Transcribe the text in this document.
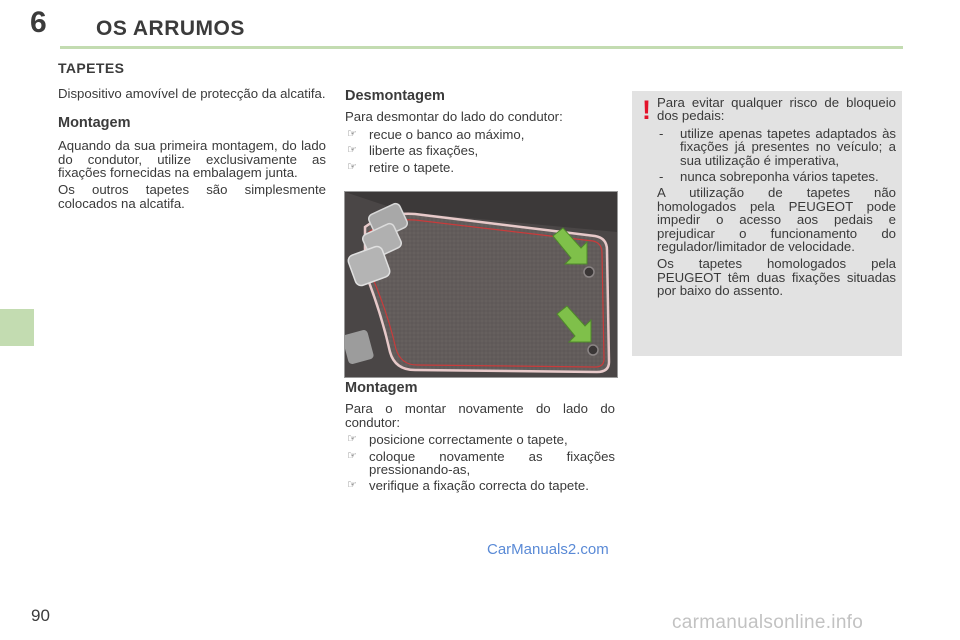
6 OS ARRUMOS
TAPETES

Dispositivo amovível de protecção da alcatifa.

Montagem

Aquando da sua primeira montagem, do lado do condutor, utilize exclusivamente as fixações fornecidas na embalagem junta.

Os outros tapetes são simplesmente colocados na alcatifa.

Desmontagem

Para desmontar do lado do condutor:

☞ recue o banco ao máximo,
☞ liberte as fixações,
☞ retire o tapete.
Montagem

Para o montar novamente do lado do condutor:

☞ posicione correctamente o tapete,
☞ coloque novamente as fixações pressionando-as,
☞ verifique a fixação correcta do tapete.
! Para evitar qualquer risco de bloqueio dos pedais:

- utilize apenas tapetes adaptados às fixações já presentes no veículo; a sua utilização é imperativa,
- nunca sobreponha vários tapetes.

A utilização de tapetes não homologados pela PEUGEOT pode impedir o acesso aos pedais e prejudicar o funcionamento do regulador/limitador de velocidade.

Os tapetes homologados pela PEUGEOT têm duas fixações situadas por baixo do assento.

CarManuals2.com
90	carmanualsonline.info
